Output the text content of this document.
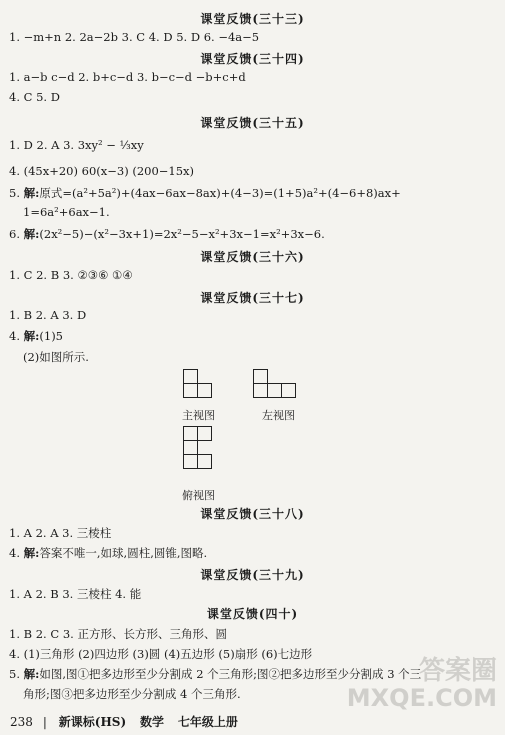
课堂反馈(三十三)
1. −m+n 2. 2a−2b 3. C 4. D 5. D 6. −4a−5
课堂反馈(三十四)
1. a−b c−d 2. b+c−d 3. b−c−d −b+c+d
4. C 5. D
课堂反馈(三十五)
1. D 2. A 3. 3xy² − ⅓xy
4. (45x+20) 60(x−3) (200−15x)
5. 解:原式=(a²+5a²)+(4ax−6ax−8ax)+(4−3)=(1+5)a²+(4−6+8)ax+
1=6a²+6ax−1.
6. 解:(2x²−5)−(x²−3x+1)=2x²−5−x²+3x−1=x²+3x−6.
课堂反馈(三十六)
1. C 2. B 3. ②③⑥ ①④
课堂反馈(三十七)
1. B 2. A 3. D
4. 解:(1)5
(2)如图所示.
主视图	左视图
俯视图
课堂反馈(三十八)
1. A 2. A 3. 三棱柱
4. 解:答案不唯一,如球,圆柱,圆锥,图略.
课堂反馈(三十九)
1. A 2. B 3. 三棱柱 4. 能
课堂反馈(四十)
1. B 2. C 3. 正方形、长方形、三角形、圆
4. (1)三角形 (2)四边形 (3)圆 (4)五边形 (5)扇形 (6)七边形
5. 解:如图,图①把多边形至少分割成 2 个三角形;图②把多边形至少分割成 3 个三
角形;图③把多边形至少分割成 4 个三角形.
答案圈
MXQE.COM
238 | 新课标(HS) 数学 七年级上册
